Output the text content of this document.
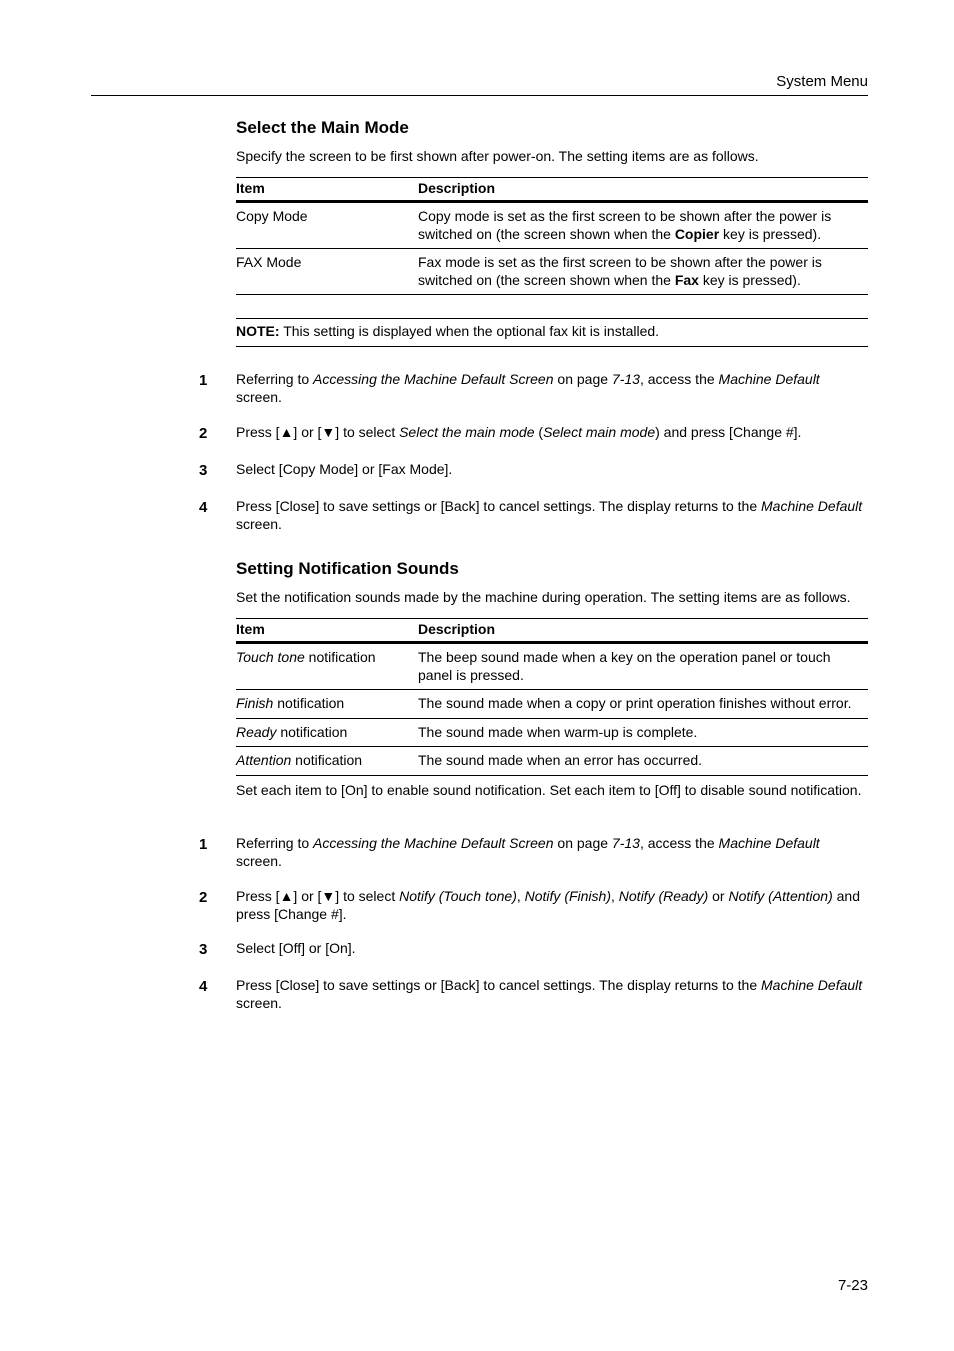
System Menu
Select the Main Mode

Specify the screen to be first shown after power-on. The setting items are as follows.

Item	Description
Copy Mode	Copy mode is set as the first screen to be shown after the power is switched on (the screen shown when the Copier key is pressed).
FAX Mode	Fax mode is set as the first screen to be shown after the power is switched on (the screen shown when the Fax key is pressed).
NOTE: This setting is displayed when the optional fax kit is installed.
Setting Notification Sounds

Set the notification sounds made by the machine during operation. The setting items are as follows.

Item	Description
Touch tone notification	The beep sound made when a key on the operation panel or touch panel is pressed.
Finish notification	The sound made when a copy or print operation finishes without error.
Ready notification	The sound made when warm-up is complete.
Attention notification	The sound made when an error has occurred.

Set each item to [On] to enable sound notification. Set each item to [Off] to disable sound notification.

1 Referring to Accessing the Machine Default Screen on page 7-13, access the Machine Default screen.
2 Press [▲] or [▼] to select Select the main mode (Select main mode) and press [Change #].
3 Select [Copy Mode] or [Fax Mode].
4 Press [Close] to save settings or [Back] to cancel settings. The display returns to the Machine Default screen.
1 Referring to Accessing the Machine Default Screen on page 7-13, access the Machine Default screen.
2 Press [▲] or [▼] to select Notify (Touch tone), Notify (Finish), Notify (Ready) or Notify (Attention) and press [Change #].
3 Select [Off] or [On].
4 Press [Close] to save settings or [Back] to cancel settings. The display returns to the Machine Default screen.
7-23
